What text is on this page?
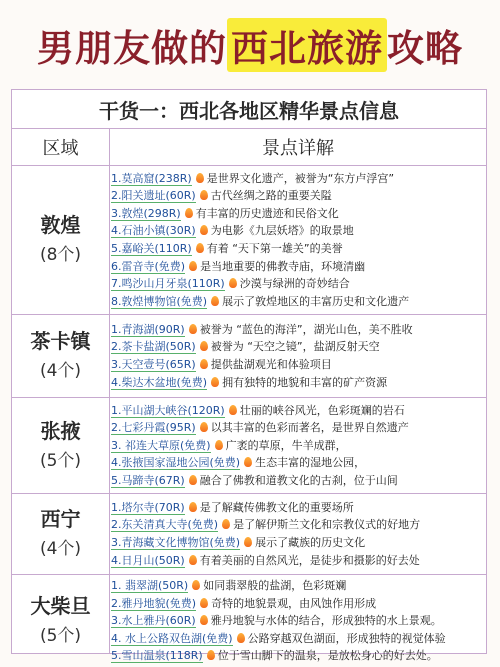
男朋友做的 西北旅游 攻略
干货一：西北各地区精华景点信息
区域	景点详解
敦煌
(8个)
1.莫高窟(238R) 是世界文化遗产，被誉为“东方卢浮宫”
2.阳关遗址(60R) 古代丝绸之路的重要关隘
3.敦煌(298R) 有丰富的历史遗迹和民俗文化
4.石油小镇(30R) 为电影《九层妖塔》的取景地
5.嘉峪关(110R) 有着 “天下第一雄关”的美誉
6.雷音寺(免费) 是当地重要的佛教寺庙，环境清幽
7.鸣沙山月牙泉(110R) 沙漠与绿洲的奇妙结合
8.敦煌博物馆(免费) 展示了敦煌地区的丰富历史和文化遗产
茶卡镇
(4个)
1.青海湖(90R) 被誉为 “蓝色的海洋”，湖光山色，美不胜收
2.茶卡盐湖(50R) 被誉为 “天空之镜”，盐湖反射天空
3.天空壹号(65R) 提供盐湖观光和体验项目
4.柴达木盆地(免费) 拥有独特的地貌和丰富的矿产资源
张掖
(5个)
1.平山湖大峡谷(120R) 壮丽的峡谷风光，色彩斑斓的岩石
2.七彩丹霞(95R) 以其丰富的色彩而著名，是世界自然遗产
3. 祁连大草原(免费) 广袤的草原，牛羊成群，
4.张掖国家湿地公园(免费) 生态丰富的湿地公园，
5.马蹄寺(67R) 融合了佛教和道教文化的古刹，位于山间
西宁
(4个)
1.塔尔寺(70R) 是了解藏传佛教文化的重要场所
2.东关清真大寺(免费) 是了解伊斯兰文化和宗教仪式的好地方
3.青海藏文化博物馆(免费) 展示了藏族的历史文化
4.日月山(50R) 有着美丽的自然风光，是徒步和摄影的好去处
大柴旦
(5个)
1. 翡翠湖(50R) 如同翡翠般的盐湖，色彩斑斓
2.雅丹地貌(免费) 奇特的地貌景观，由风蚀作用形成
3.水上雅丹(60R) 雅丹地貌与水体的结合，形成独特的水上景观。
4. 水上公路双色湖(免费) 公路穿越双色湖面，形成独特的视觉体验
5.雪山温泉(118R) 位于雪山脚下的温泉，是放松身心的好去处。
